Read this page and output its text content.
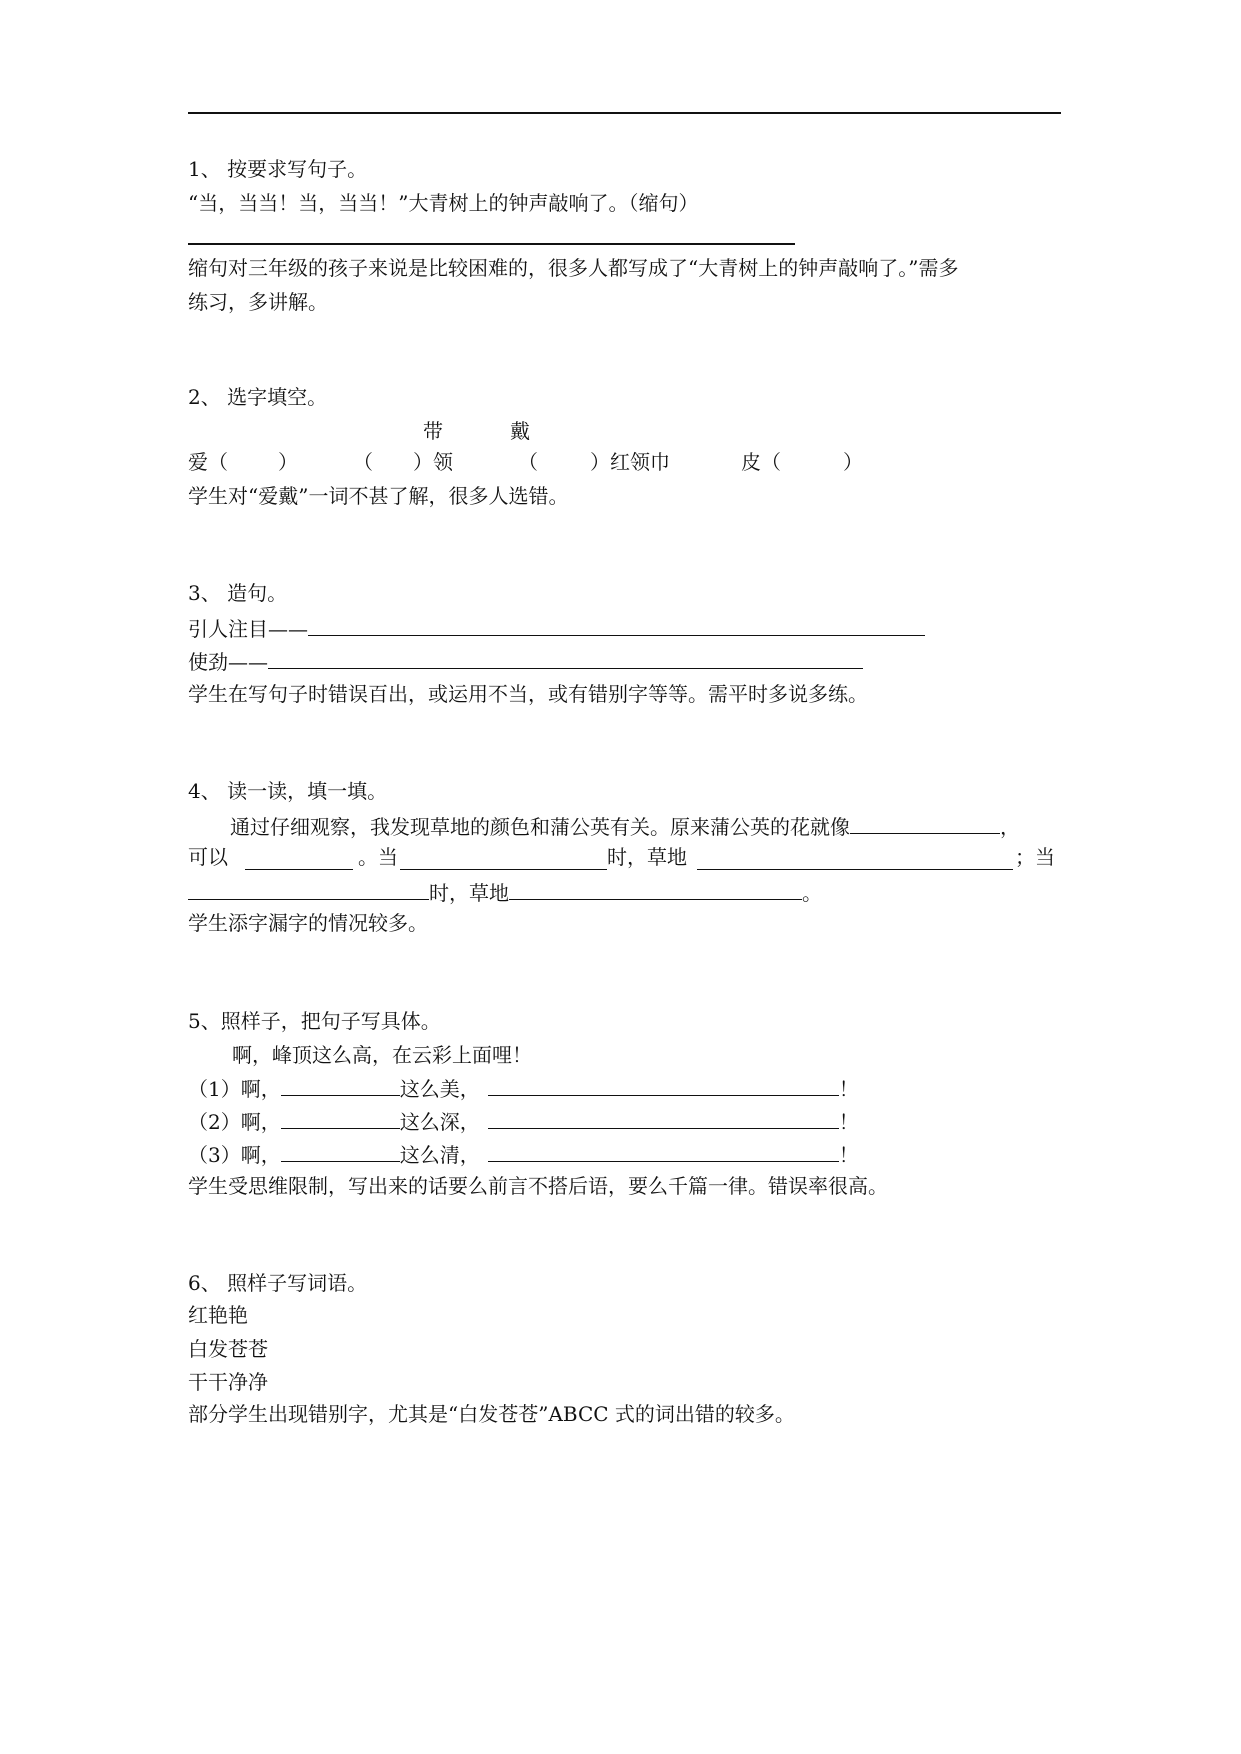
1、 按要求写句子。
“当，当当！当，当当！”大青树上的钟声敲响了。（缩句）
缩句对三年级的孩子来说是比较困难的，很多人都写成了“大青树上的钟声敲响了。”需多
练习，多讲解。
2、 选字填空。
带	戴
爱（	）	（ ）领	（	）红领巾	皮（	）
学生对“爱戴”一词不甚了解，很多人选错。
3、 造句。
引人注目——
使劲——
学生在写句子时错误百出，或运用不当，或有错别字等等。需平时多说多练。
4、 读一读，填一填。
通过仔细观察，我发现草地的颜色和蒲公英有关。原来蒲公英的花就像	，
可以	。当	时，草地	；当
时，草地	。
学生添字漏字的情况较多。
5、照样子，把句子写具体。
啊，峰顶这么高，在云彩上面哩！
（1）啊，	这么美，	！
（2）啊，	这么深，	！
（3）啊，	这么清，	！
学生受思维限制，写出来的话要么前言不搭后语，要么千篇一律。错误率很高。
6、 照样子写词语。
红艳艳
白发苍苍
干干净净
部分学生出现错别字，尤其是“白发苍苍”ABCC 式的词出错的较多。
